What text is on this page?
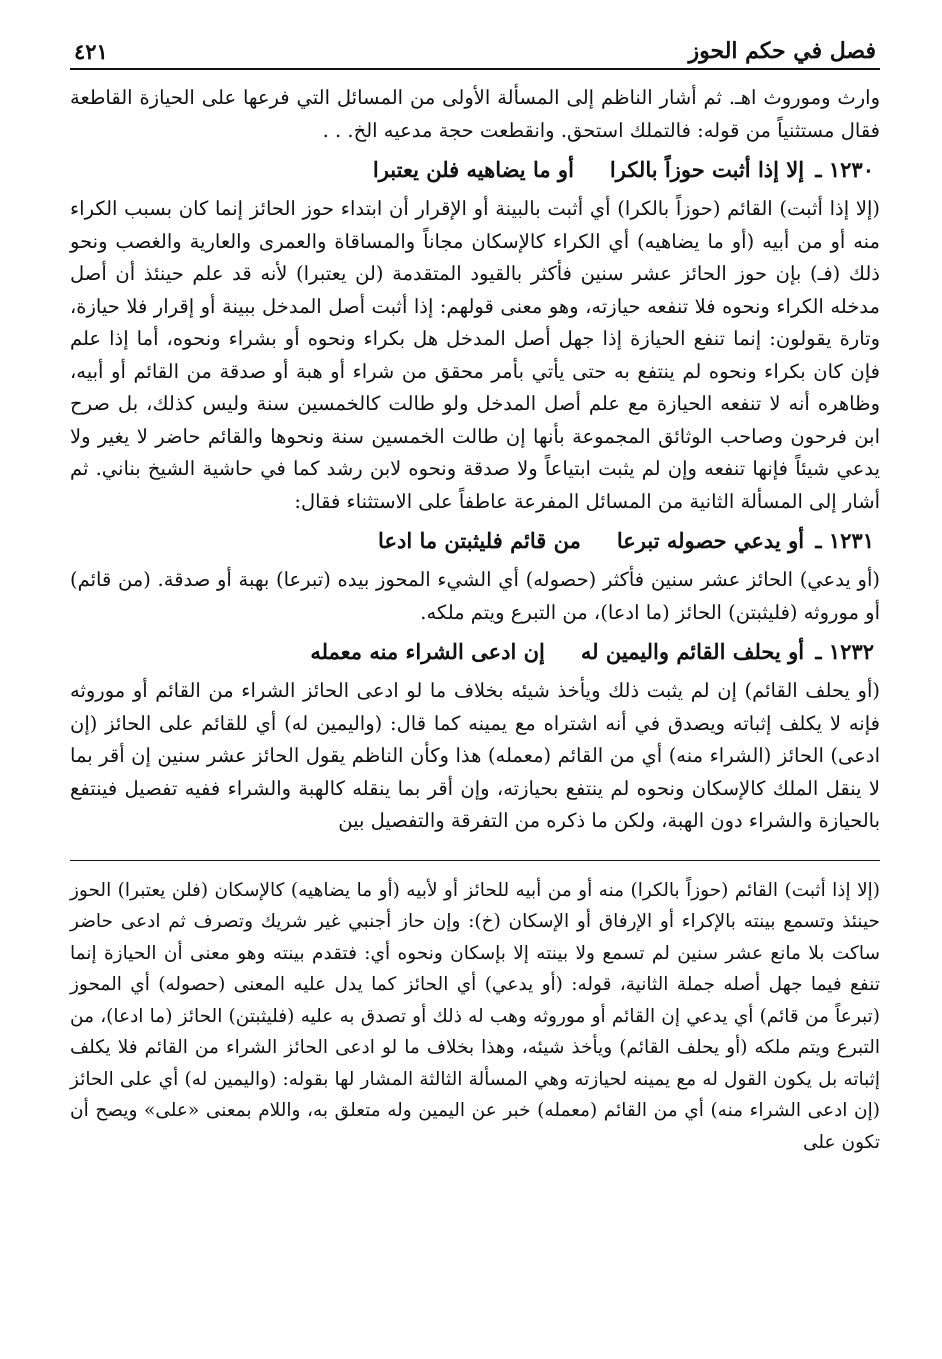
فصل في حكم الحوز
٤٢١

وارث وموروث اهـ. ثم أشار الناظم إلى المسألة الأولى من المسائل التي فرعها على الحيازة القاطعة فقال مستثنياً من قوله: فالتملك استحق. وانقطعت حجة مدعيه الخ. . .

١٢٣٠ ـ إلا إذا أثبت حوزاً بالكرا
أو ما يضاهيه فلن يعتبرا

(إلا إذا أثبت) القائم (حوزاً بالكرا) أي أثبت بالبينة أو الإقرار أن ابتداء حوز الحائز إنما كان بسبب الكراء منه أو من أبيه (أو ما يضاهيه) أي الكراء كالإسكان مجاناً والمساقاة والعمرى والعارية والغصب ونحو ذلك (فـ) بإن حوز الحائز عشر سنين فأكثر بالقيود المتقدمة (لن يعتبرا) لأنه قد علم حينئذ أن أصل مدخله الكراء ونحوه فلا تنفعه حيازته، وهو معنى قولهم: إذا أثبت أصل المدخل ببينة أو إقرار فلا حيازة، وتارة يقولون: إنما تنفع الحيازة إذا جهل أصل المدخل هل بكراء ونحوه أو بشراء ونحوه، أما إذا علم فإن كان بكراء ونحوه لم ينتفع به حتى يأتي بأمر محقق من شراء أو هبة أو صدقة من القائم أو أبيه، وظاهره أنه لا تنفعه الحيازة مع علم أصل المدخل ولو طالت كالخمسين سنة وليس كذلك، بل صرح ابن فرحون وصاحب الوثائق المجموعة بأنها إن طالت الخمسين سنة ونحوها والقائم حاضر لا يغير ولا يدعي شيئاً فإنها تنفعه وإن لم يثبت ابتياعاً ولا صدقة ونحوه لابن رشد كما في حاشية الشيخ بناني. ثم أشار إلى المسألة الثانية من المسائل المفرعة عاطفاً على الاستثناء فقال:

١٢٣١ ـ أو يدعي حصوله تبرعا
من قائم فليثبتن ما ادعا

(أو يدعي) الحائز عشر سنين فأكثر (حصوله) أي الشيء المحوز بيده (تبرعا) بهبة أو صدقة. (من قائم) أو موروثه (فليثبتن) الحائز (ما ادعا)، من التبرع ويتم ملكه.

١٢٣٢ ـ أو يحلف القائم واليمين له
إن ادعى الشراء منه معمله

(أو يحلف القائم) إن لم يثبت ذلك ويأخذ شيئه بخلاف ما لو ادعى الحائز الشراء من القائم أو موروثه فإنه لا يكلف إثباته ويصدق في أنه اشتراه مع يمينه كما قال: (واليمين له) أي للقائم على الحائز (إن ادعى) الحائز (الشراء منه) أي من القائم (معمله) هذا وكأن الناظم يقول الحائز عشر سنين إن أقر بما لا ينقل الملك كالإسكان ونحوه لم ينتفع بحيازته، وإن أقر بما ينقله كالهبة والشراء ففيه تفصيل فينتفع بالحيازة والشراء دون الهبة، ولكن ما ذكره من التفرقة والتفصيل بين

(إلا إذا أثبت) القائم (حوزاً بالكرا) منه أو من أبيه للحائز أو لأبيه (أو ما يضاهيه) كالإسكان (فلن يعتبرا) الحوز حينئذ وتسمع بينته بالإكراء أو الإرفاق أو الإسكان (خ): وإن حاز أجنبي غير شريك وتصرف ثم ادعى حاضر ساكت بلا مانع عشر سنين لم تسمع ولا بينته إلا بإسكان ونحوه أي: فتقدم بينته وهو معنى أن الحيازة إنما تنفع فيما جهل أصله جملة الثانية، قوله: (أو يدعي) أي الحائز كما يدل عليه المعنى (حصوله) أي المحوز (تبرعاً من قائم) أي يدعي إن القائم أو موروثه وهب له ذلك أو تصدق به عليه (فليثبتن) الحائز (ما ادعا)، من التبرع ويتم ملكه (أو يحلف القائم) ويأخذ شيئه، وهذا بخلاف ما لو ادعى الحائز الشراء من القائم فلا يكلف إثباته بل يكون القول له مع يمينه لحيازته وهي المسألة الثالثة المشار لها بقوله: (واليمين له) أي على الحائز (إن ادعى الشراء منه) أي من القائم (معمله) خبر عن اليمين وله متعلق به، واللام بمعنى «على» ويصح أن تكون على
